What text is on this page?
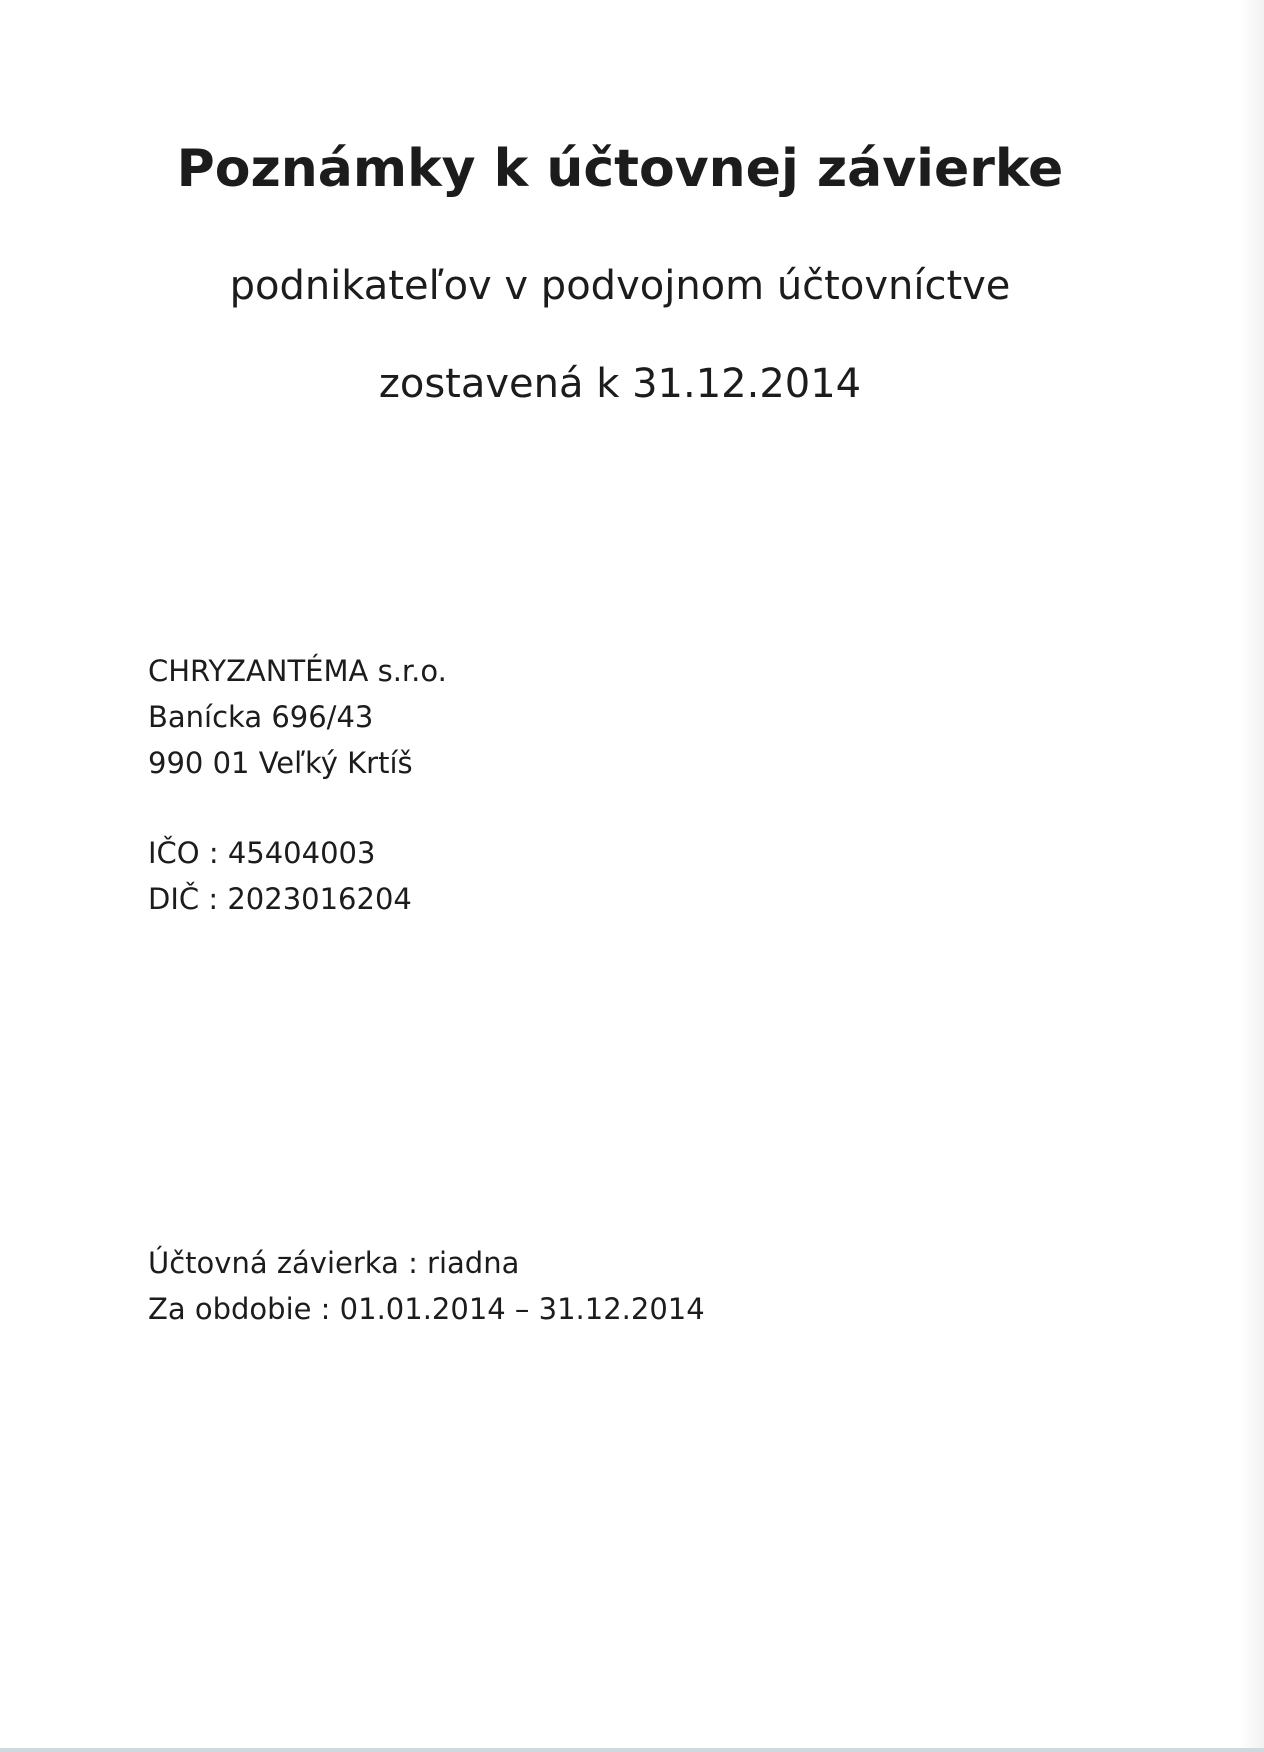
Poznámky k účtovnej závierke
podnikateľov v podvojnom účtovníctve
zostavená k 31.12.2014

CHRYZANTÉMA s.r.o.

Banícka 696/43

990 01 Veľký Krtíš

IČO : 45404003

DIČ : 2023016204

Účtovná závierka : riadna

Za obdobie : 01.01.2014 – 31.12.2014
